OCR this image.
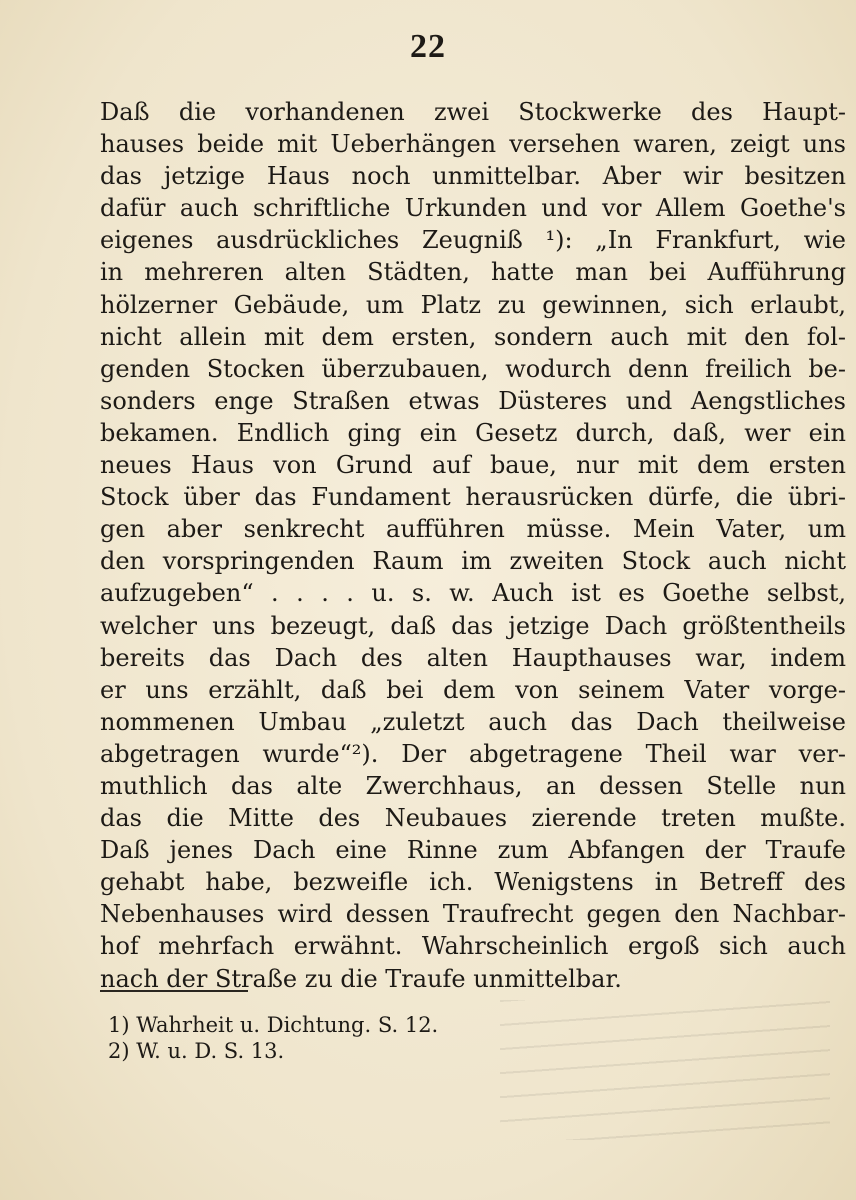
22
Daß die vorhandenen zwei Stockwerke des Haupt-
hauses beide mit Ueberhängen versehen waren, zeigt uns
das jetzige Haus noch unmittelbar. Aber wir besitzen
dafür auch schriftliche Urkunden und vor Allem Goethe's
eigenes ausdrückliches Zeugniß ¹): „In Frankfurt, wie
in mehreren alten Städten, hatte man bei Aufführung
hölzerner Gebäude, um Platz zu gewinnen, sich erlaubt,
nicht allein mit dem ersten, sondern auch mit den fol-
genden Stocken überzubauen, wodurch denn freilich be-
sonders enge Straßen etwas Düsteres und Aengstliches
bekamen. Endlich ging ein Gesetz durch, daß, wer ein
neues Haus von Grund auf baue, nur mit dem ersten
Stock über das Fundament herausrücken dürfe, die übri-
gen aber senkrecht aufführen müsse. Mein Vater, um
den vorspringenden Raum im zweiten Stock auch nicht
aufzugeben“ . . . . u. s. w. Auch ist es Goethe selbst,
welcher uns bezeugt, daß das jetzige Dach größtentheils
bereits das Dach des alten Haupthauses war, indem
er uns erzählt, daß bei dem von seinem Vater vorge-
nommenen Umbau „zuletzt auch das Dach theilweise
abgetragen wurde“²). Der abgetragene Theil war ver-
muthlich das alte Zwerchhaus, an dessen Stelle nun
das die Mitte des Neubaues zierende treten mußte.
Daß jenes Dach eine Rinne zum Abfangen der Traufe
gehabt habe, bezweifle ich. Wenigstens in Betreff des
Nebenhauses wird dessen Traufrecht gegen den Nachbar-
hof mehrfach erwähnt. Wahrscheinlich ergoß sich auch
nach der Straße zu die Traufe unmittelbar.
1) Wahrheit u. Dichtung. S. 12.
2) W. u. D. S. 13.
